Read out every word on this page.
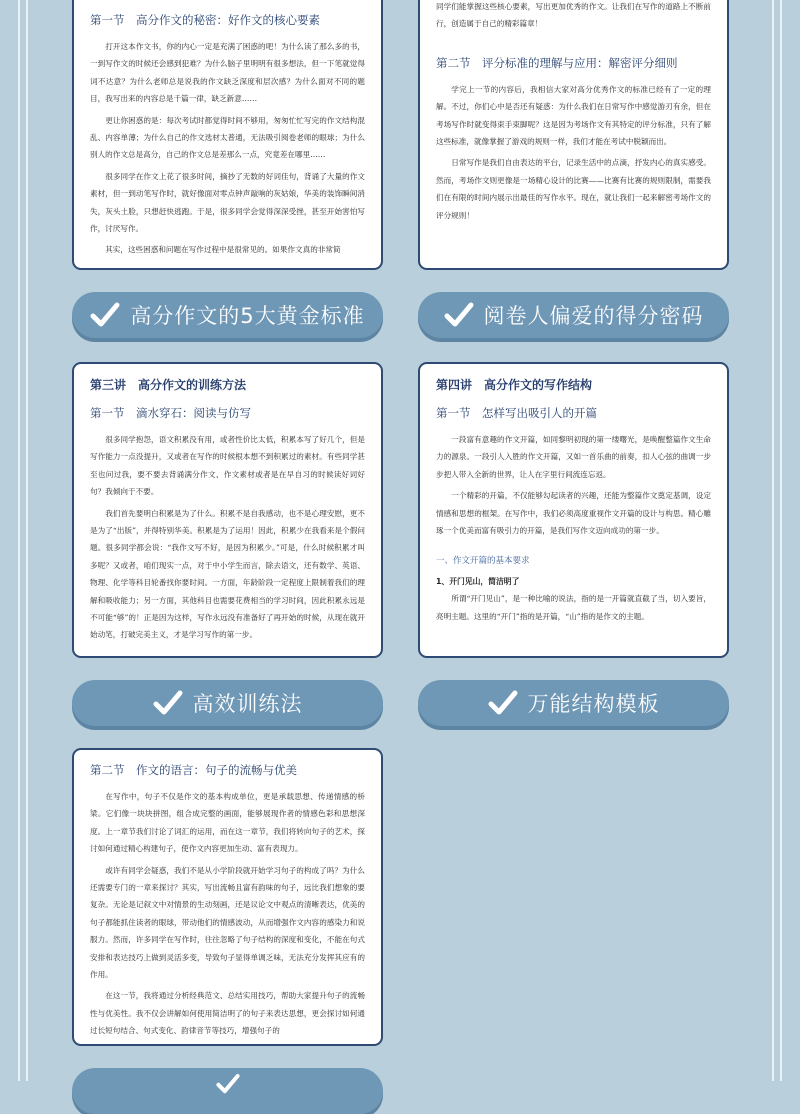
第一节　高分作文的秘密：好作文的核心要素

打开这本作文书，你的内心一定是充满了困惑的吧！为什么读了那么多的书，一到写作文的时候还会感到犯难？为什么脑子里明明有很多想法，但一下笔就觉得词不达意？为什么老师总是说我的作文缺乏深度和层次感？为什么面对不同的题目，我写出来的内容总是千篇一律，缺乏新意……

更让你困惑的是：每次考试时都觉得时间不够用，匆匆忙忙写完的作文结构混乱、内容单薄；为什么自己的作文选材太普通，无法吸引阅卷老师的眼球；为什么别人的作文总是高分，自己的作文总是差那么一点，究竟差在哪里……

很多同学在作文上花了很多时间，摘抄了无数的好词佳句，背诵了大量的作文素材，但一到动笔写作时，就好像面对零点钟声敲响的灰姑娘，华美的装饰瞬间消失，灰头土脸，只想赶快逃跑。于是，很多同学会觉得深深受挫，甚至开始害怕写作，讨厌写作。

其实，这些困惑和问题在写作过程中是很常见的。如果作文真的非常简

同学们能掌握这些核心要素，写出更加优秀的作文。让我们在写作的道路上不断前行，创造属于自己的精彩篇章！

第二节　评分标准的理解与应用：解密评分细则

学完上一节的内容后，我相信大家对高分优秀作文的标准已经有了一定的理解。不过，你们心中是否还有疑惑：为什么我们在日常写作中感觉游刃有余，但在考场写作时就变得束手束脚呢？这是因为考场作文有其特定的评分标准，只有了解这些标准，就像掌握了游戏的规则一样，我们才能在考试中脱颖而出。

日常写作是我们自由表达的平台，记录生活中的点滴，抒发内心的真实感受。然而，考场作文则更像是一场精心设计的比赛——比赛有比赛的规则限制，需要我们在有限的时间内展示出最佳的写作水平。现在，就让我们一起来解密考场作文的评分规则！

高分作文的5大黄金标准	阅卷人偏爱的得分密码
第三讲　高分作文的训练方法
第一节　滴水穿石：阅读与仿写

很多同学抱怨，语文积累没有用，或者性价比太低，积累本写了好几个，但是写作能力一点没提升，又或者在写作的时候根本想不到积累过的素材。有些同学甚至也问过我，要不要去背诵满分作文、作文素材或者是在早自习的时候读好词好句？我倾向于不要。

我们首先要明白积累是为了什么。积累不是自我感动，也不是心理安慰，更不是为了“出版”，并得特别华美。积累是为了运用！因此，积累少在我看来是个假问题。很多同学都会说：“我作文写不好，是因为积累少。”可是，什么时候积累才叫多呢？又或者，咱们现实一点，对于中小学生而言，除去语文，还有数学、英语、物理、化学等科目轮番找你要时间。一方面，年龄阶段一定程度上限制着我们的理解和吸收能力；另一方面，其他科目也需要花费相当的学习时间，因此积累永远是不可能“够”的！正是因为这样，写作永远没有准备好了再开始的时候，从现在就开始动笔，打破完美主义，才是学习写作的第一步。

第四讲　高分作文的写作结构
第一节　怎样写出吸引人的开篇

一段富有意趣的作文开篇，如同黎明初现的第一缕曙光，是唤醒整篇作文生命力的源泉。一段引人入胜的作文开篇，又如一首乐曲的前奏，扣人心弦的曲调一步步把人带入全新的世界，让人在字里行间流连忘返。

一个精彩的开篇，不仅能够勾起读者的兴趣，还能为整篇作文奠定基调，设定情感和思想的框架。在写作中，我们必须高度重视作文开篇的设计与构思。精心雕琢一个优美而富有吸引力的开篇，是我们写作文迈向成功的第一步。

一、作文开篇的基本要求

1、开门见山，简洁明了

所谓“开门见山”，是一种比喻的说法，指的是一开篇就直截了当，切入要旨，亮明主题。这里的“开门”指的是开篇，“山”指的是作文的主题。

高效训练法	万能结构模板
第二节　作文的语言：句子的流畅与优美

在写作中，句子不仅是作文的基本构成单位，更是承载思想、传递情感的桥梁。它们像一块块拼图，组合成完整的画面，能够展现作者的情感色彩和思想深度。上一章节我们讨论了词汇的运用，而在这一章节，我们将转向句子的艺术，探讨如何通过精心构建句子，使作文内容更加生动、富有表现力。

或许有同学会疑惑，我们不是从小学阶段就开始学习句子的构成了吗？为什么还需要专门的一章来探讨？其实，写出流畅且富有韵味的句子，远比我们想象的要复杂。无论是记叙文中对情景的生动刻画，还是议论文中观点的清晰表达，优美的句子都能抓住读者的眼球，带动他们的情感波动，从而增强作文内容的感染力和说服力。然而，许多同学在写作时，往往忽略了句子结构的深度和变化，不能在句式安排和表达技巧上做到灵活多变，导致句子显得单调乏味，无法充分发挥其应有的作用。

在这一节，我将通过分析经典范文、总结实用技巧，帮助大家提升句子的流畅性与优美性。我不仅会讲解如何使用简洁明了的句子来表达思想，更会探讨如何通过长短句结合、句式变化、韵律音节等技巧，增强句子的
